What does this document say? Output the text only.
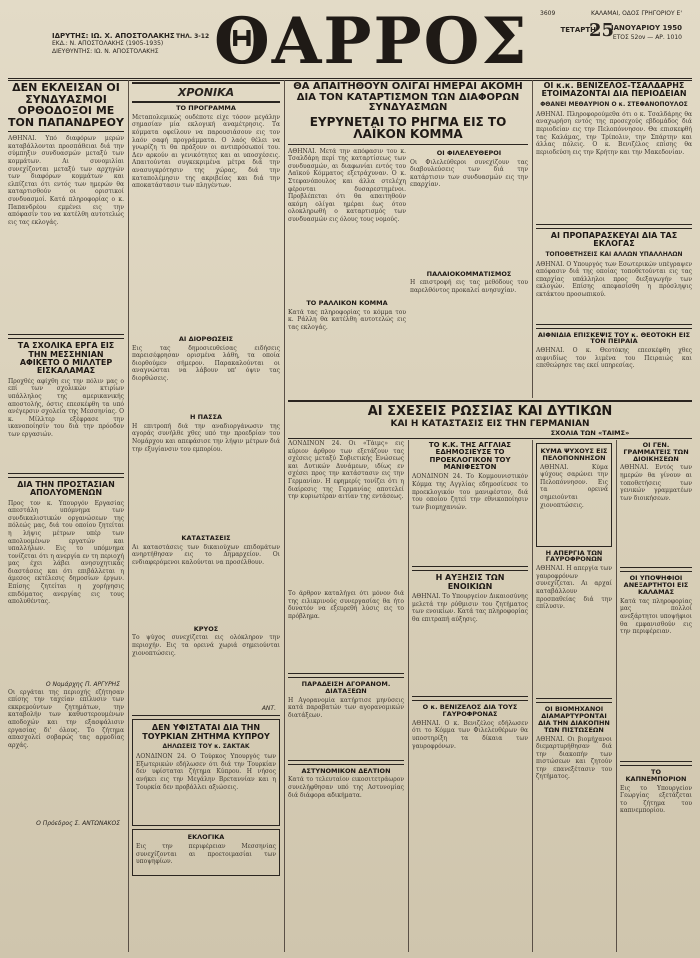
ΙΔΡΥΤΗΣ: ΙΩ. Χ. ΑΠΟΣΤΟΛΑΚΗΣ
ΕΚΔ.: Ν. ΑΠΟΣΤΟΛΑΚΗΣ (1905-1935)
ΔΙΕΥΘΥΝΤΗΣ: ΙΩ. Ν. ΑΠΟΣΤΟΛΑΚΗΣ
ΤΗΛ. 3-12 ΘΑΡΡΟΣ 3609	ΚΑΛΑΜΑΙ, ΟΔΟΣ ΓΡΗΓΟΡΙΟΥ Ε'
ΤΕΤΑΡΤΗ
25
ΙΑΝΟΥΑΡΙΟΥ 1950
ΕΤΟΣ 52ον — ΑΡ. 1010
ΔΕΝ ΕΚΛΕΙΣΑΝ ΟΙ ΣΥΝΔΥΑΣΜΟΙ ΟΡΘΟΔΟΞΟΙ ΜΕ ΤΟΝ ΠΑΠΑΝΔΡΕΟΥ

ΑΘΗΝΑΙ. Υπό διαφόρων μερών καταβάλλονται προσπάθειαι διά την σύμπηξιν συνδυασμών μεταξύ των κομμάτων. Αι συνομιλίαι συνεχίζονται μεταξύ των αρχηγών των διαφόρων κομμάτων και ελπίζεται ότι εντός των ημερών θα καταρτισθούν οι οριστικοί συνδυασμοί. Κατά πληροφορίας ο κ. Παπανδρέου εμμένει εις την απόφασίν του να κατέλθη αυτοτελώς εις τας εκλογάς.

ΤΑ ΣΧΟΛΙΚΑ ΕΡΓΑ ΕΙΣ ΤΗΝ ΜΕΣΣΗΝΙΑΝ ΑΦΙΚΕΤΟ Ο ΜΙΛΛΤΕΡ ΕΙΣΚΑΛΑΜΑΣ

Προχθές αφίχθη εις την πόλιν μας ο επί των σχολικών κτιρίων υπάλληλος της αμερικανικής αποστολής, όστις επεσκέφθη τα υπό ανέγερσιν σχολεία της Μεσσηνίας. Ο κ. Μίλλτερ εξέφρασε την ικανοποίησίν του διά την πρόοδον των εργασιών.

ΔΙΑ ΤΗΝ ΠΡΟΣΤΑΣΙΑΝ ΑΠΟΛΥΟΜΕΝΩΝ

Προς τον κ. Υπουργόν Εργασίας απεστάλη υπόμνημα των συνδικαλιστικών οργανώσεων της πόλεώς μας, διά του οποίου ζητείται η λήψις μέτρων υπέρ των απολυομένων εργατών και υπαλλήλων. Εις το υπόμνημα τονίζεται ότι η ανεργία εν τη περιοχή μας έχει λάβει ανησυχητικάς διαστάσεις και ότι επιβάλλεται η άμεσος εκτέλεσις δημοσίων έργων. Επίσης ζητείται η χορήγησις επιδόματος ανεργίας εις τους απολυθέντας.

Ο Νομάρχης Π. ΑΡΓΥΡΗΣ

Οι εργάται της περιοχής εζήτησαν επίσης την ταχείαν επίλυσιν των εκκρεμούντων ζητημάτων, την καταβολήν των καθυστερουμένων αποδοχών και την εξασφάλισιν εργασίας δι' όλους. Το ζήτημα απασχολεί σοβαρώς τας αρμοδίας αρχάς.

Ο Πρόεδρος Σ. ΑΝΤΩΝΑΚΟΣ
ΧΡΟΝΙΚΑ
ΤΟ ΠΡΟΓΡΑΜΜΑ

Μεταπολεμικώς ουδέποτε είχε τόσον μεγάλην σημασίαν μία εκλογική αναμέτρησις. Τα κόμματα οφείλουν να παρουσιάσουν εις τον λαόν σαφή προγράμματα. Ο λαός θέλει να γνωρίζη τι θα πράξουν οι αντιπρόσωποί του. Δεν αρκούν αι γενικότητες και αι υποσχέσεις. Απαιτούνται συγκεκριμένα μέτρα διά την ανασυγκρότησιν της χώρας, διά την καταπολέμησιν της ακριβείας και διά την αποκατάστασιν των πληγέντων.

ΑΙ ΔΙΟΡΘΩΣΕΙΣ

Εις τας δημοσιευθείσας ειδήσεις παρεισέφρησαν ορισμένα λάθη, τα οποία διορθούμεν σήμερον. Παρακαλούνται οι αναγνώσται να λάβουν υπ' όψιν τας διορθώσεις.

ΘΑ ΑΠΑΙΤΗΘΟΥΝ ΟΛΙΓΑΙ ΗΜΕΡΑΙ ΑΚΟΜΗ ΔΙΑ ΤΟΝ ΚΑΤΑΡΤΙΣΜΟΝ ΤΩΝ ΔΙΑΦΟΡΩΝ ΣΥΝΔΥΑΣΜΩΝ
ΕΥΡΥΝΕΤΑΙ ΤΟ ΡΗΓΜΑ ΕΙΣ ΤΟ ΛΑΪΚΟΝ ΚΟΜΜΑ

ΑΘΗΝΑΙ. Μετά την απόφασιν του κ. Τσαλδάρη περί της καταρτίσεως των συνδυασμών, αι διαφωνίαι εντός του Λαϊκού Κόμματος εξετράχυναν. Ο κ. Στεφανόπουλος και άλλα στελέχη φέρονται δυσαρεστημένοι. Προβλέπεται ότι θα απαιτηθούν ακόμη ολίγαι ημέραι έως ότου ολοκληρωθή ο καταρτισμός των συνδυασμών εις όλους τους νομούς.

ΤΟ ΡΑΛΛΙΚΟΝ ΚΟΜΜΑ

Κατά τας πληροφορίας το κόμμα του κ. Ράλλη θα κατέλθη αυτοτελώς εις τας εκλογάς.

ΟΙ ΦΙΛΕΛΕΥΘΕΡΟΙ

Οι Φιλελεύθεροι συνεχίζουν τας διαβουλεύσεις των διά την κατάρτισιν των συνδυασμών εις την επαρχίαν.

ΠΑΛΑΙΟΚΟΜΜΑΤΙΣΜΟΣ

Η επιστροφή εις τας μεθόδους του παρελθόντος προκαλεί ανησυχίαν.

ΟΙ κ.κ. ΒΕΝΙΖΕΛΟΣ-ΤΣΑΛΔΑΡΗΣ ΕΤΟΙΜΑΖΟΝΤΑΙ ΔΙΑ ΠΕΡΙΟΔΕΙΑΝ
ΦΘΑΝΕΙ ΜΕΘΑΥΡΙΟΝ Ο κ. ΣΤΕΦΑΝΟΠΟΥΛΟΣ

ΑΘΗΝΑΙ. Πληροφορούμεθα ότι ο κ. Τσαλδάρης θα αναχωρήση εντός της προσεχούς εβδομάδος διά περιοδείαν εις την Πελοπόννησον. Θα επισκεφθή τας Καλάμας, την Τρίπολιν, την Σπάρτην και άλλας πόλεις. Ο κ. Βενιζέλος επίσης θα περιοδεύση εις την Κρήτην και την Μακεδονίαν.

ΑΙ ΠΡΟΠΑΡΑΣΚΕΥΑΙ ΔΙΑ ΤΑΣ ΕΚΛΟΓΑΣ
ΤΟΠΟΘΕΤΗΣΕΙΣ ΚΑΙ ΑΛΛΩΝ ΥΠΑΛΛΗΛΩΝ

ΑΘΗΝΑΙ. Ο Υπουργός των Εσωτερικών υπέγραψεν απόφασιν διά της οποίας τοποθετούνται εις τας επαρχίας υπάλληλοι προς διεξαγωγήν των εκλογών. Επίσης απεφασίσθη η πρόσληψις εκτάκτου προσωπικού.

ΑΙΦΝΙΔΙΑ ΕΠΙΣΚΕΨΙΣ ΤΟΥ κ. ΘΕΟΤΟΚΗ ΕΙΣ ΤΟΝ ΠΕΙΡΑΙΑ

ΑΘΗΝΑΙ. Ο κ. Θεοτόκης επεσκέφθη χθες αιφνιδίως τον λιμένα του Πειραιώς και επεθεώρησε τας εκεί υπηρεσίας.

ΑΙ ΣΧΕΣΕΙΣ ΡΩΣΣΙΑΣ ΚΑΙ ΔΥΤΙΚΩΝ
ΚΑΙ Η ΚΑΤΑΣΤΑΣΙΣ ΕΙΣ ΤΗΝ ΓΕΡΜΑΝΙΑΝ
ΣΧΟΛΙΑ ΤΩΝ «ΤΑΙΜΣ»
Η ΠΑΣΣΑ

Η επιτροπή διά την αναδιοργάνωσιν της αγοράς συνήλθε χθες υπό την προεδρίαν του Νομάρχου και απεφάσισε την λήψιν μέτρων διά την εξυγίανσιν του εμπορίου.

ΚΑΤΑΣΤΑΣΕΙΣ

Αι καταστάσεις των δικαιούχων επιδομάτων ανηρτήθησαν εις το Δημαρχείον. Οι ενδιαφερόμενοι καλούνται να προσέλθουν.

ΚΡΥΟΣ

Το ψύχος συνεχίζεται εις ολόκληρον την περιοχήν. Εις τα ορεινά χωριά σημειούνται χιονοπτώσεις.

ΑΝΤ.
ΔΕΝ ΥΦΙΣΤΑΤΑΙ ΔΙΑ ΤΗΝ ΤΟΥΡΚΙΑΝ ΖΗΤΗΜΑ ΚΥΠΡΟΥ
ΔΗΛΩΣΕΙΣ ΤΟΥ κ. ΣΑΚΤΑΚ

ΛΟΝΔΙΝΟΝ 24. Ο Τούρκος Υπουργός των Εξωτερικών εδήλωσεν ότι διά την Τουρκίαν δεν υφίσταται ζήτημα Κύπρου. Η νήσος ανήκει εις την Μεγάλην Βρεταννίαν και η Τουρκία δεν προβάλλει αξιώσεις.

ΕΚΛΟΓΙΚΑ

Εις την περιφέρειαν Μεσσηνίας συνεχίζονται αι προετοιμασίαι των υποψηφίων.

ΛΟΝΔΙΝΟΝ 24. Οι «Τάιμς» εις κύριον άρθρον των εξετάζουν τας σχέσεις μεταξύ Σοβιετικής Ενώσεως και Δυτικών Δυνάμεων, ιδίως εν σχέσει προς την κατάστασιν εις την Γερμανίαν. Η εφημερίς τονίζει ότι η διαίρεσις της Γερμανίας αποτελεί την κυριωτέραν αιτίαν της εντάσεως.

Το άρθρον καταλήγει ότι μόνον διά της ειλικρινούς συνεργασίας θα ήτο δυνατόν να εξευρεθή λύσις εις το πρόβλημα.

ΠΑΡΑΔΕΙΣΗ ΑΓΟΡΑΝΟΜ. ΔΙΑΤΑΞΕΩΝ

Η Αγορανομία κατήρτισε μηνύσεις κατά παραβατών των αγορανομικών διατάξεων.

ΑΣΤΥΝΟΜΙΚΟΝ ΔΕΛΤΙΟΝ

Κατά το τελευταίον εικοσιτετράωρον συνελήφθησαν υπό της Αστυνομίας διά διάφορα αδικήματα.

ΤΟ Κ.Κ. ΤΗΣ ΑΓΓΛΙΑΣ ΕΔΗΜΟΣΙΕΥΣΕ ΤΟ ΠΡΟΕΚΛΟΓΙΚΟΝ ΤΟΥ ΜΑΝΙΦΕΣΤΟΝ

ΛΟΝΔΙΝΟΝ 24. Το Κομμουνιστικόν Κόμμα της Αγγλίας εδημοσίευσε το προεκλογικόν του μανιφέστον, διά του οποίου ζητεί την εθνικοποίησιν των βιομηχανιών.

Η ΑΥΞΗΣΙΣ ΤΩΝ ΕΝΟΙΚΙΩΝ

ΑΘΗΝΑΙ. Το Υπουργείον Δικαιοσύνης μελετά την ρύθμισιν του ζητήματος των ενοικίων. Κατά τας πληροφορίας θα επιτραπή αύξησις.

Ο κ. ΒΕΝΙΖΕΛΟΣ ΔΙΑ ΤΟΥΣ ΓΑΥΡΟΦΡΟΝΑΣ

ΑΘΗΝΑΙ. Ο κ. Βενιζέλος εδήλωσεν ότι το Κόμμα των Φιλελευθέρων θα υποστηρίξη τα δίκαια των γαυροφρόνων.

ΚΥΜΑ ΨΥΧΟΥΣ ΕΙΣ ΠΕΛΟΠΟΝΝΗΣΟΝ

ΑΘΗΝΑΙ. Κύμα ψύχους σαρώνει την Πελοπόννησον. Εις τα ορεινά σημειούνται χιονοπτώσεις.

Η ΑΠΕΡΓΙΑ ΤΩΝ ΓΑΥΡΟΦΡΟΝΩΝ

ΑΘΗΝΑΙ. Η απεργία των γαυροφρόνων συνεχίζεται. Αι αρχαί καταβάλλουν προσπαθείας διά την επίλυσιν.

ΟΙ ΒΙΟΜΗΧΑΝΟΙ ΔΙΑΜΑΡΤΥΡΟΝΤΑΙ ΔΙΑ ΤΗΝ ΔΙΑΚΟΠΗΝ ΤΩΝ ΠΙΣΤΩΣΕΩΝ

ΑΘΗΝΑΙ. Οι βιομήχανοι διεμαρτυρήθησαν διά την διακοπήν των πιστώσεων και ζητούν την επανεξέτασιν του ζητήματος.

ΟΙ ΓΕΝ. ΓΡΑΜΜΑΤΕΙΣ ΤΩΝ ΔΙΟΙΚΗΣΕΩΝ

ΑΘΗΝΑΙ. Εντός των ημερών θα γίνουν αι τοποθετήσεις των γενικών γραμματέων των διοικήσεων.

ΟΙ ΥΠΟΨΗΦΙΟΙ ΑΝΕΞΑΡΤΗΤΟΙ ΕΙΣ ΚΑΛΑΜΑΣ

Κατά τας πληροφορίας μας πολλοί ανεξάρτητοι υποψήφιοι θα εμφανισθούν εις την περιφέρειαν.

ΤΟ ΚΑΠΝΕΜΠΟΡΙΟΝ

Εις το Υπουργείον Γεωργίας εξετάζεται το ζήτημα του καπνεμπορίου.
